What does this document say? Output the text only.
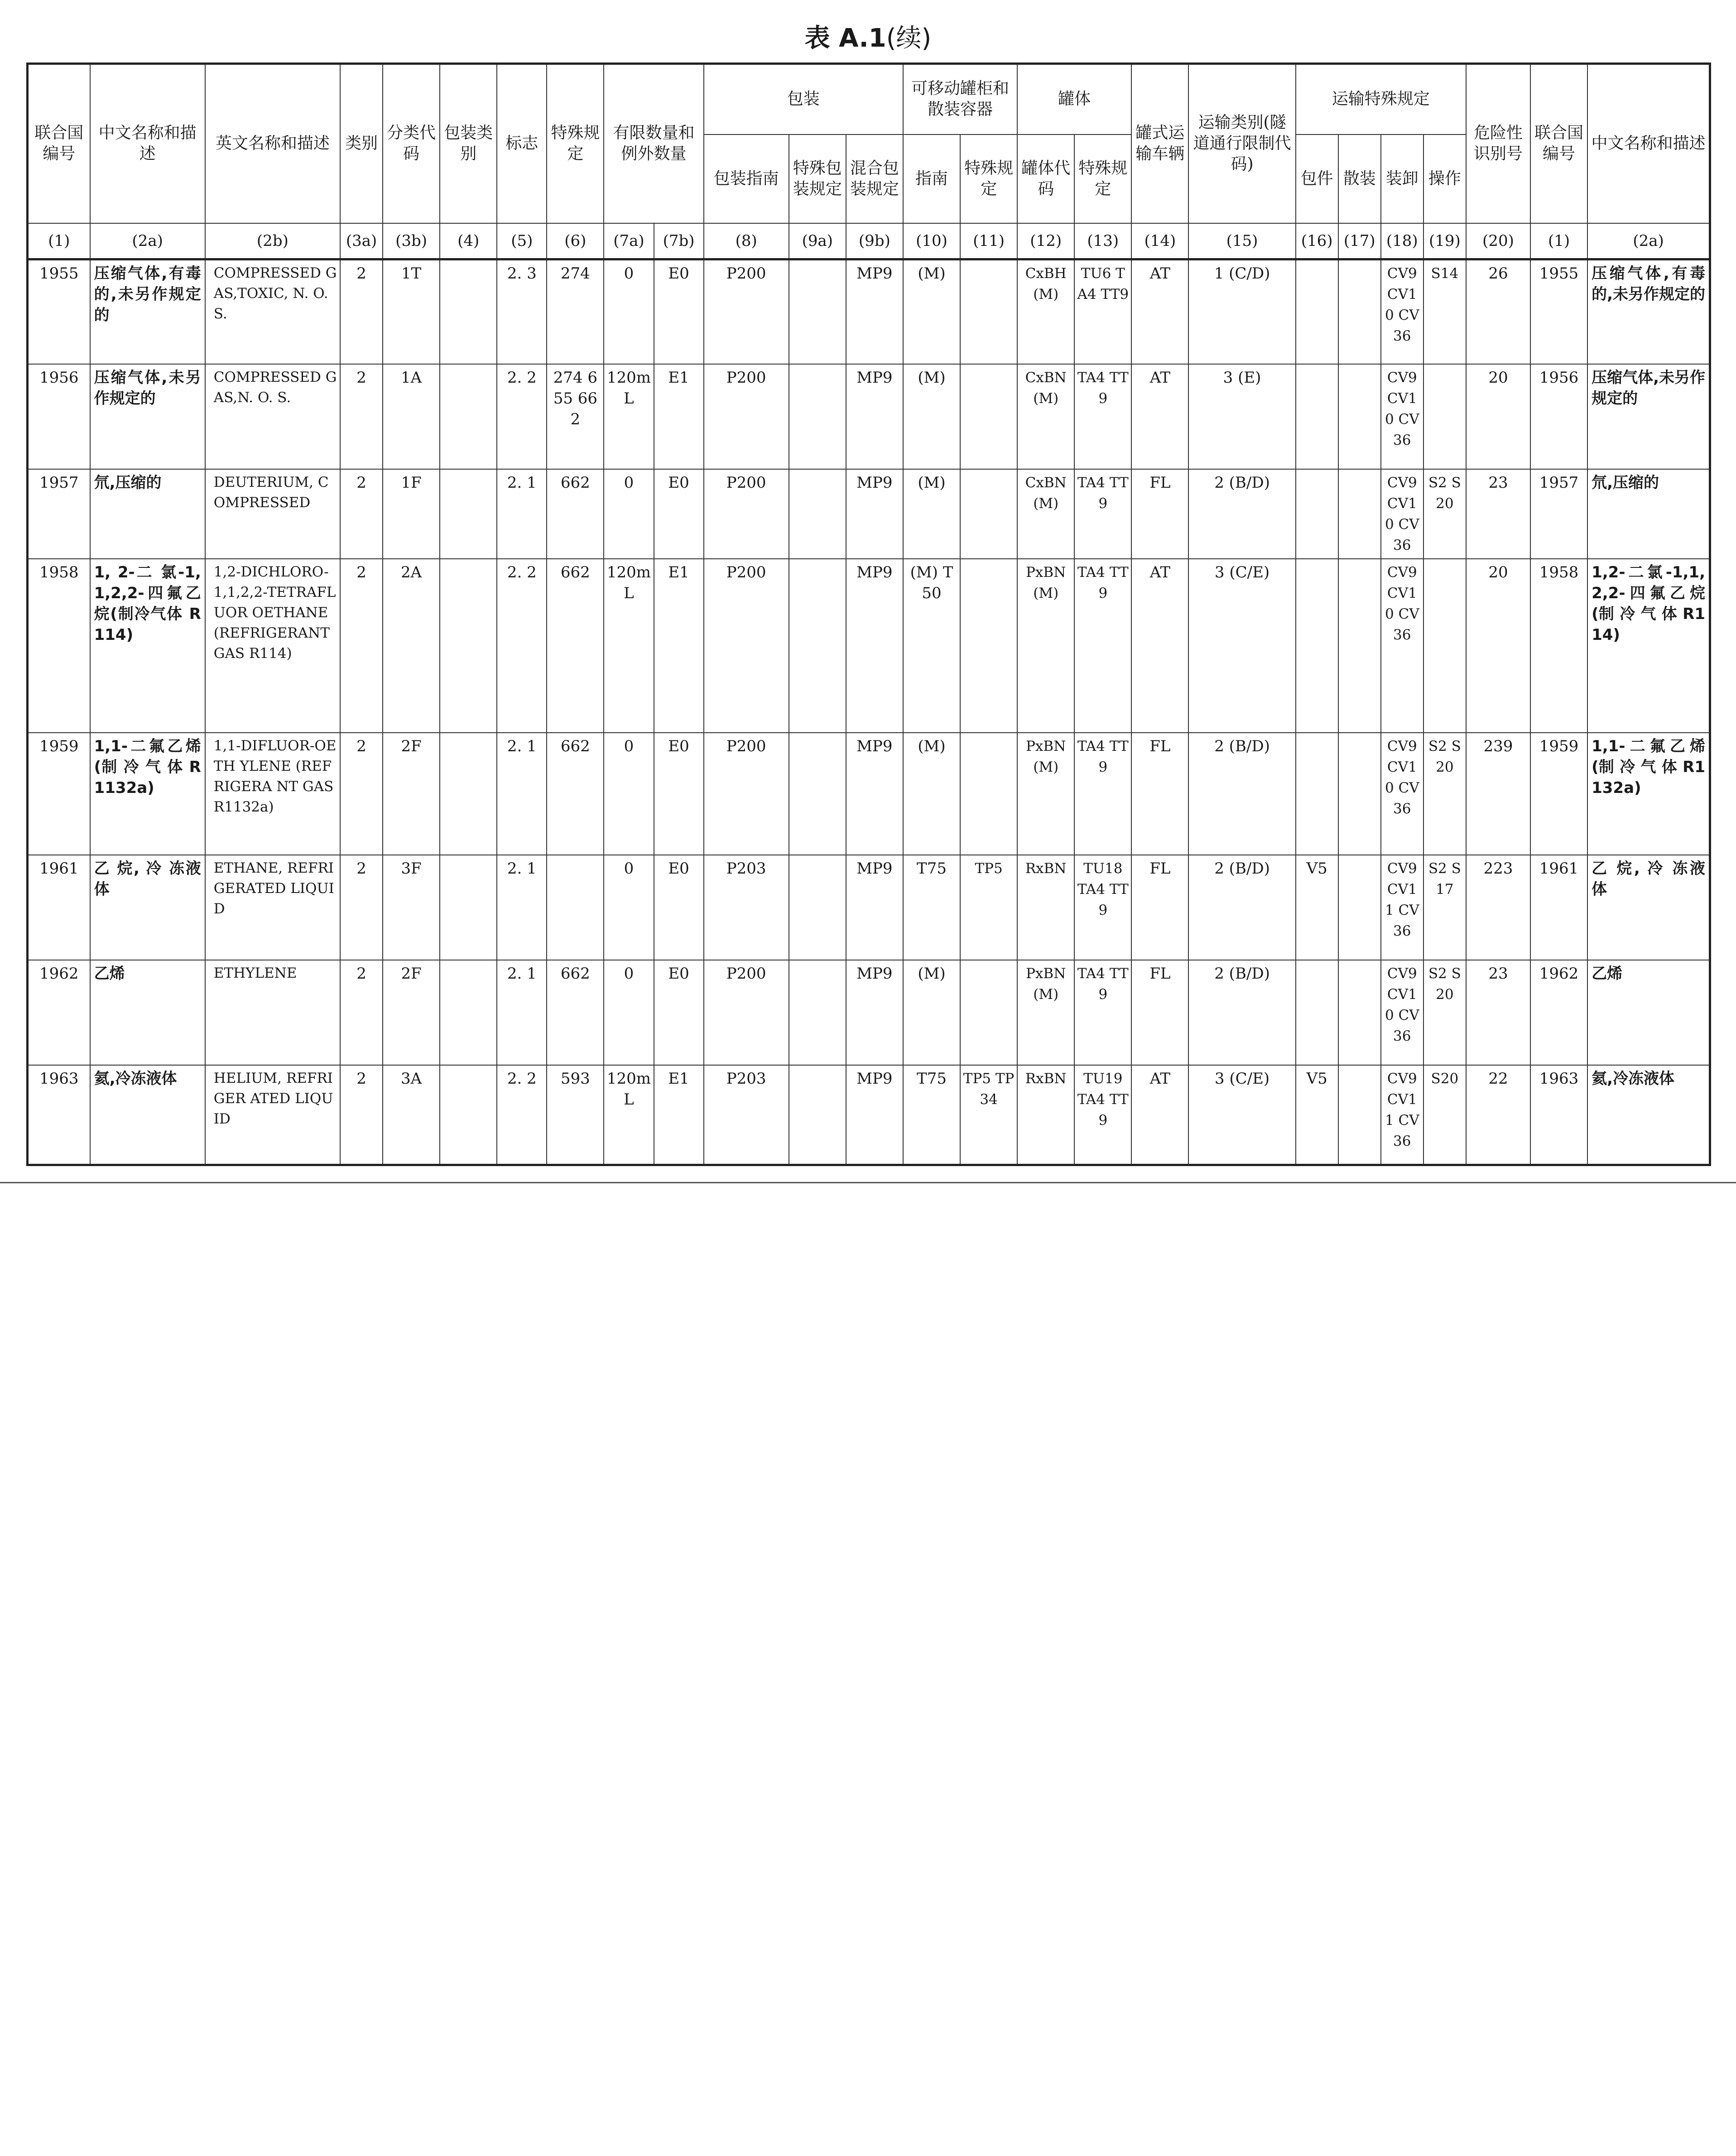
表 A.1(续)
联合国编号	中文名称和描述	英文名称和描述	类别	分类代码	包装类别	标志	特殊规定	有限数量和例外数量		包装			可移动罐柜和散装容器		罐体		罐式运输车辆	运输类别(隧道通行限制代码)	运输特殊规定				危险性识别号	联合国编号	中文名称和描述
										包装指南	特殊包装规定	混合包装规定	指南	特殊规定	罐体代码	特殊规定			包件	散装	装卸	操作			
(1)	(2a)	(2b)	(3a)	(3b)	(4)	(5)	(6)	(7a)	(7b)	(8)	(9a)	(9b)	(10)	(11)	(12)	(13)	(14)	(15)	(16)	(17)	(18)	(19)	(20)	(1)	(2a)
1955	压缩气体,有毒的,未另作规定的	COMPRESSED GAS,TOXIC, N. O. S.	2	1T		2. 3	274	0	E0	P200		MP9	(M)		CxBH (M)	TU6 TA4 TT9	AT	1 (C/D)			CV9 CV10 CV36	S14	26	1955	压缩气体,有毒的,未另作规定的
1956	压缩气体,未另作规定的	COMPRESSED GAS,N. O. S.	2	1A		2. 2	274 655 662	120mL	E1	P200		MP9	(M)		CxBN (M)	TA4 TT9	AT	3 (E)			CV9 CV10 CV36		20	1956	压缩气体,未另作规定的
1957	氘,压缩的	DEUTERIUM, COMPRESSED	2	1F		2. 1	662	0	E0	P200		MP9	(M)		CxBN (M)	TA4 TT9	FL	2 (B/D)			CV9 CV10 CV36	S2 S20	23	1957	氘,压缩的
1958	1, 2-二 氯-1, 1,2,2-四氟乙烷(制冷气体 R114)	1,2-DICHLORO-1,1,2,2-TETRAFLUOR OETHANE (REFRIGERANT GAS R114)	2	2A		2. 2	662	120mL	E1	P200		MP9	(M) T50		PxBN (M)	TA4 TT9	AT	3 (C/E)			CV9 CV10 CV36		20	1958	1,2-二氯-1,1, 2,2-四氟乙烷 (制 冷 气 体 R114)
1959	1,1-二氟乙烯 (制 冷 气 体 R1132a)	1,1-DIFLUOR-OETH YLENE (REFRIGERA NT GAS R1132a)	2	2F		2. 1	662	0	E0	P200		MP9	(M)		PxBN (M)	TA4 TT9	FL	2 (B/D)			CV9 CV10 CV36	S2 S20	239	1959	1,1-二氟乙烯 (制 冷 气 体 R1132a)
1961	乙 烷, 冷 冻液体	ETHANE, REFRIGERATED LIQUID	2	3F		2. 1		0	E0	P203		MP9	T75	TP5	RxBN	TU18 TA4 TT9	FL	2 (B/D)	V5		CV9 CV11 CV36	S2 S17	223	1961	乙 烷, 冷 冻液体
1962	乙烯	ETHYLENE	2	2F		2. 1	662	0	E0	P200		MP9	(M)		PxBN (M)	TA4 TT9	FL	2 (B/D)			CV9 CV10 CV36	S2 S20	23	1962	乙烯
1963	氦,冷冻液体	HELIUM, REFRIGER ATED LIQUID	2	3A		2. 2	593	120mL	E1	P203		MP9	T75	TP5 TP34	RxBN	TU19 TA4 TT9	AT	3 (C/E)	V5		CV9 CV11 CV36	S20	22	1963	氦,冷冻液体
